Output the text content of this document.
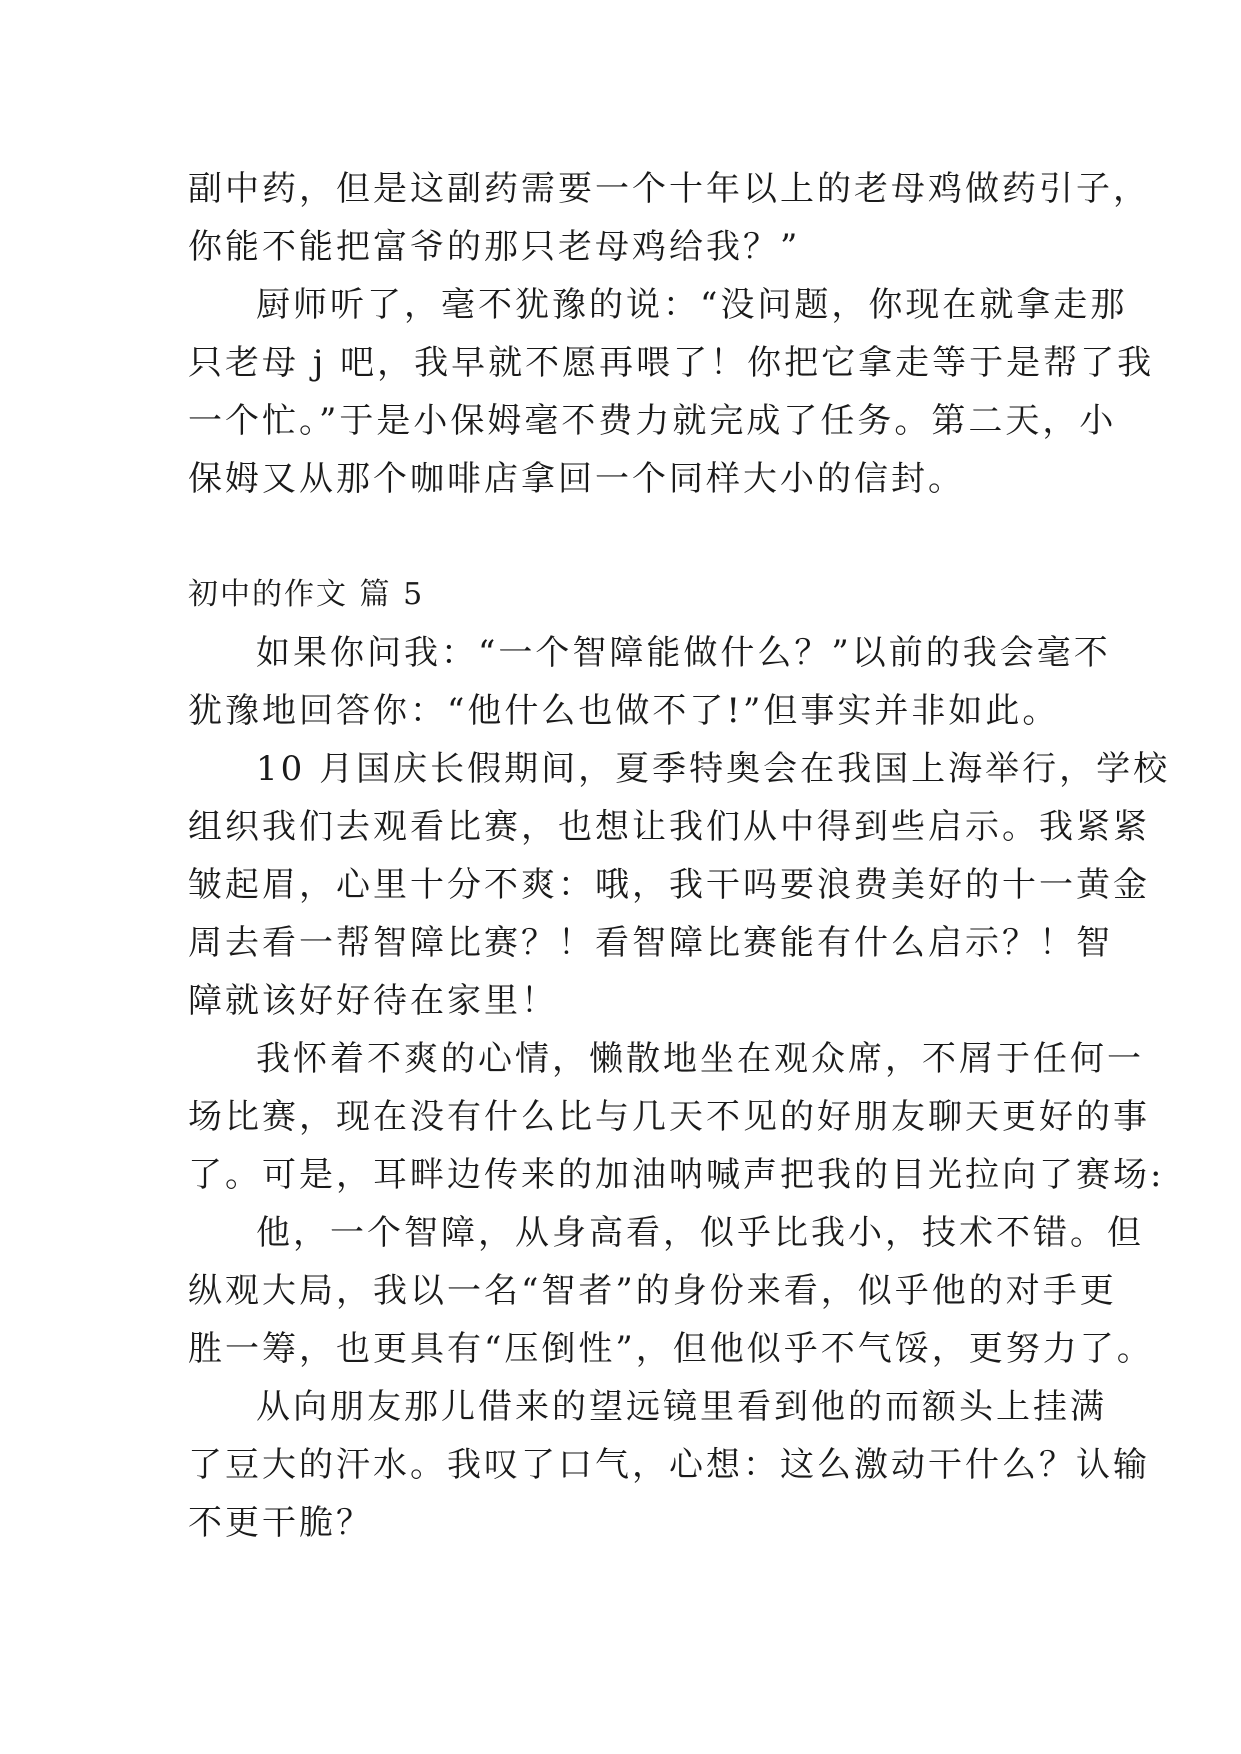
副中药，但是这副药需要一个十年以上的老母鸡做药引子，
你能不能把富爷的那只老母鸡给我？”
厨师听了，毫不犹豫的说：“没问题，你现在就拿走那
只老母 j 吧，我早就不愿再喂了！你把它拿走等于是帮了我
一个忙。”于是小保姆毫不费力就完成了任务。第二天，小
保姆又从那个咖啡店拿回一个同样大小的信封。
初中的作文 篇 5
如果你问我：“一个智障能做什么？”以前的我会毫不
犹豫地回答你：“他什么也做不了!”但事实并非如此。
10 月国庆长假期间，夏季特奥会在我国上海举行，学校
组织我们去观看比赛，也想让我们从中得到些启示。我紧紧
皱起眉，心里十分不爽：哦，我干吗要浪费美好的十一黄金
周去看一帮智障比赛？！看智障比赛能有什么启示？！智
障就该好好待在家里！
我怀着不爽的心情，懒散地坐在观众席，不屑于任何一
场比赛，现在没有什么比与几天不见的好朋友聊天更好的事
了。可是，耳畔边传来的加油呐喊声把我的目光拉向了赛场:
他，一个智障，从身高看，似乎比我小，技术不错。但
纵观大局，我以一名“智者”的身份来看，似乎他的对手更
胜一筹，也更具有“压倒性”，但他似乎不气馁，更努力了。
从向朋友那儿借来的望远镜里看到他的而额头上挂满
了豆大的汗水。我叹了口气，心想：这么激动干什么？认输
不更干脆？
